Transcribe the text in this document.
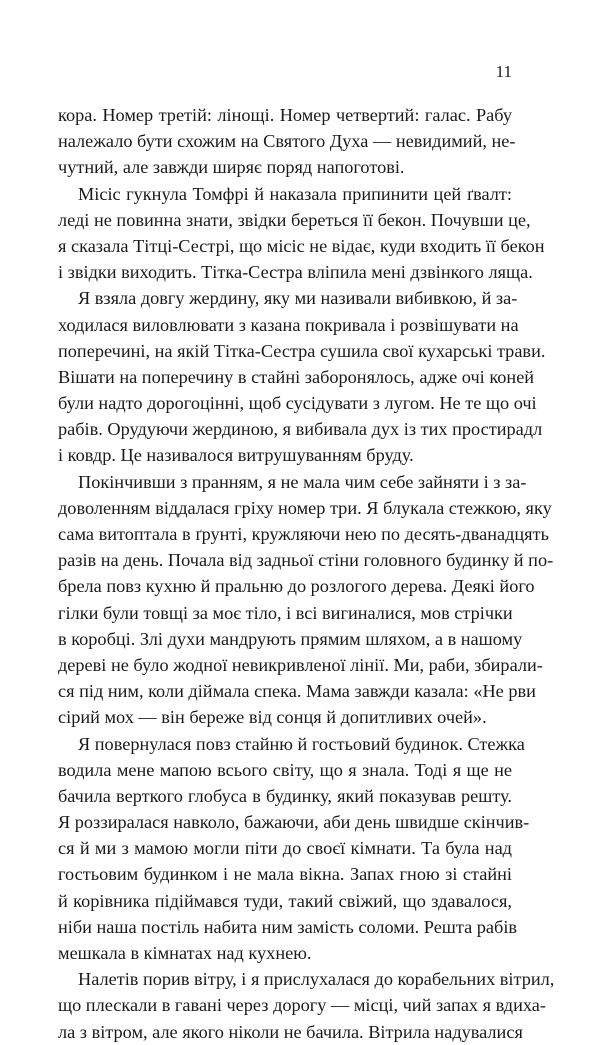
11
кора. Номер третій: лінощі. Номер четвертий: галас. Рабу
належало бути схожим на Святого Духа — невидимий, не-
чутний, але завжди ширяє поряд напоготові.
Місіс гукнула Томфрі й наказала припинити цей ґвалт:
леді не повинна знати, звідки береться її бекон. Почувши це,
я сказала Тітці-Сестрі, що місіс не відає, куди входить її бекон
і звідки виходить. Тітка-Сестра вліпила мені дзвінкого ляща.
Я взяла довгу жердину, яку ми називали вибивкою, й за-
ходилася виловлювати з казана покривала і розвішувати на
поперечині, на якій Тітка-Сестра сушила свої кухарські трави.
Вішати на поперечину в стайні заборонялось, адже очі коней
були надто дорогоцінні, щоб сусідувати з лугом. Не те що очі
рабів. Орудуючи жердиною, я вибивала дух із тих простирадл
і ковдр. Це називалося витрушуванням бруду.
Покінчивши з пранням, я не мала чим себе зайняти і з за-
доволенням віддалася гріху номер три. Я блукала стежкою, яку
сама витоптала в ґрунті, кружляючи нею по десять-дванадцять
разів на день. Почала від задньої стіни головного будинку й по-
брела повз кухню й пральню до розлогого дерева. Деякі його
гілки були товщі за моє тіло, і всі вигиналися, мов стрічки
в коробці. Злі духи мандрують прямим шляхом, а в нашому
дереві не було жодної невикривленої лінії. Ми, раби, збирали-
ся під ним, коли діймала спека. Мама завжди казала: «Не рви
сірий мох — він береже від сонця й допитливих очей».
Я повернулася повз стайню й гостьовий будинок. Стежка
водила мене мапою всього світу, що я знала. Тоді я ще не
бачила верткого глобуса в будинку, який показував решту.
Я роззиралася навколо, бажаючи, аби день швидше скінчив-
ся й ми з мамою могли піти до своєї кімнати. Та була над
гостьовим будинком і не мала вікна. Запах гною зі стайні
й корівника підіймався туди, такий свіжий, що здавалося,
ніби наша постіль набита ним замість соломи. Решта рабів
мешкала в кімнатах над кухнею.
Налетів порив вітру, і я прислухалася до корабельних вітрил,
що плескали в гавані через дорогу — місці, чий запах я вдиха-
ла з вітром, але якого ніколи не бачила. Вітрила надувалися
